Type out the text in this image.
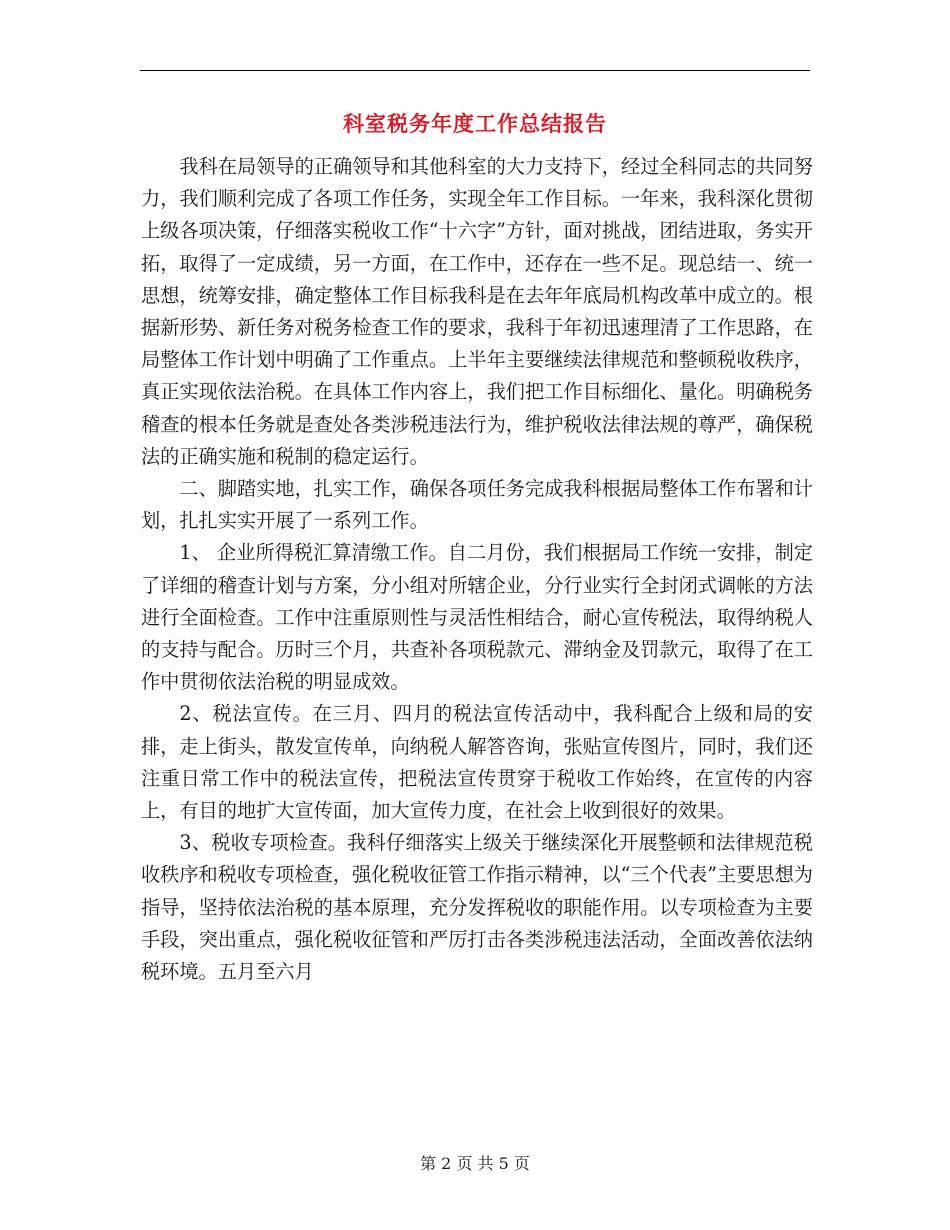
科室税务年度工作总结报告

我科在局领导的正确领导和其他科室的大力支持下，经过全科同志的共同努力，我们顺利完成了各项工作任务，实现全年工作目标。一年来，我科深化贯彻上级各项决策，仔细落实税收工作“十六字”方针，面对挑战，团结进取，务实开拓，取得了一定成绩，另一方面，在工作中，还存在一些不足。现总结一、统一思想，统筹安排，确定整体工作目标我科是在去年年底局机构改革中成立的。根据新形势、新任务对税务检查工作的要求，我科于年初迅速理清了工作思路，在局整体工作计划中明确了工作重点。上半年主要继续法律规范和整顿税收秩序，真正实现依法治税。在具体工作内容上，我们把工作目标细化、量化。明确税务稽查的根本任务就是查处各类涉税违法行为，维护税收法律法规的尊严，确保税法的正确实施和税制的稳定运行。

二、脚踏实地，扎实工作，确保各项任务完成我科根据局整体工作布署和计划，扎扎实实开展了一系列工作。

1、 企业所得税汇算清缴工作。自二月份，我们根据局工作统一安排，制定了详细的稽查计划与方案，分小组对所辖企业，分行业实行全封闭式调帐的方法进行全面检查。工作中注重原则性与灵活性相结合，耐心宣传税法，取得纳税人的支持与配合。历时三个月，共查补各项税款元、滞纳金及罚款元，取得了在工作中贯彻依法治税的明显成效。

2、税法宣传。在三月、四月的税法宣传活动中，我科配合上级和局的安排，走上街头，散发宣传单，向纳税人解答咨询，张贴宣传图片，同时，我们还注重日常工作中的税法宣传，把税法宣传贯穿于税收工作始终，在宣传的内容上，有目的地扩大宣传面，加大宣传力度，在社会上收到很好的效果。

3、税收专项检查。我科仔细落实上级关于继续深化开展整顿和法律规范税收秩序和税收专项检查，强化税收征管工作指示精神，以“三个代表”主要思想为指导，坚持依法治税的基本原理，充分发挥税收的职能作用。以专项检查为主要手段，突出重点，强化税收征管和严厉打击各类涉税违法活动，全面改善依法纳税环境。五月至六月

第 2 页 共 5 页
